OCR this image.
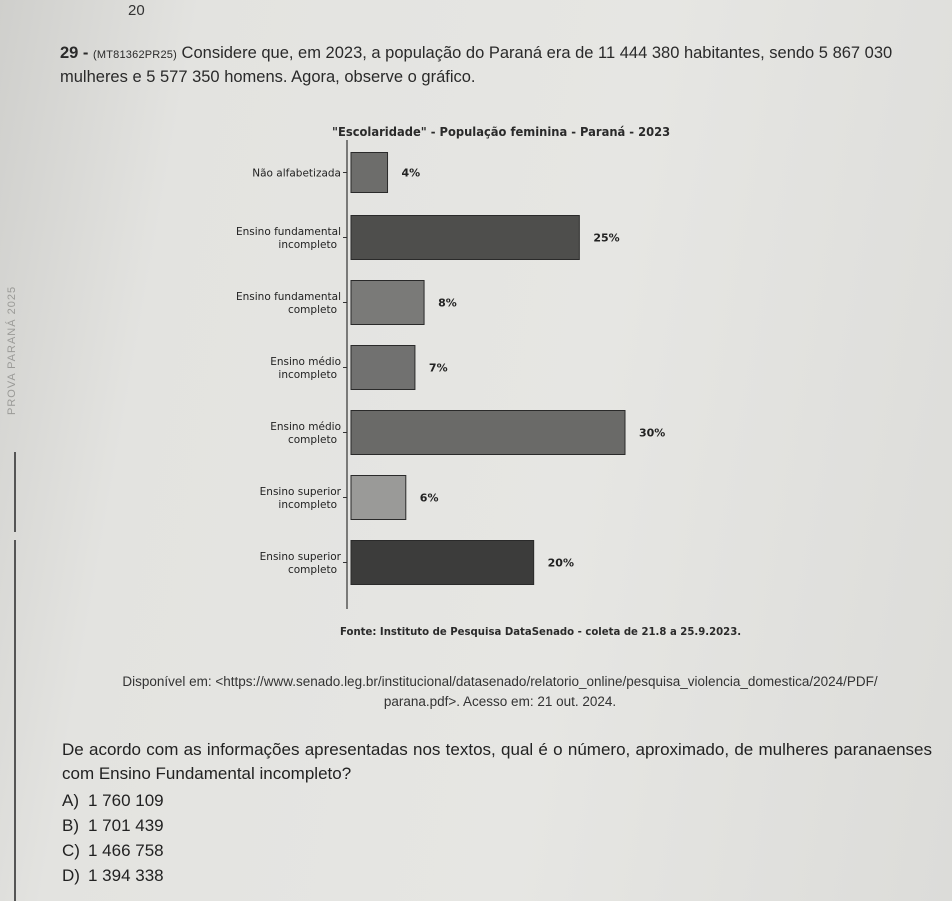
20
PROVA PARANÁ 2025
29 - (MT81362PR25) Considere que, em 2023, a população do Paraná era de 11 444 380 habitantes, sendo 5 867 030 mulheres e 5 577 350 homens. Agora, observe o gráfico.
"Escolaridade" - População feminina - Paraná - 2023
4%
Não alfabetizada
25%
Ensino fundamental incompleto
8%
Ensino fundamental completo
7%
Ensino médio incompleto
30%
Ensino médio completo
6%
Ensino superior incompleto
20%
Ensino superior completo
Fonte: Instituto de Pesquisa DataSenado - coleta de 21.8 a 25.9.2023.
Disponível em: <https://www.senado.leg.br/institucional/datasenado/relatorio_online/pesquisa_violencia_domestica/2024/PDF/
parana.pdf>. Acesso em: 21 out. 2024.
De acordo com as informações apresentadas nos textos, qual é o número, aproximado, de mulheres paranaenses com Ensino Fundamental incompleto?
A) 1 760 109
B) 1 701 439
C) 1 466 758
D) 1 394 338
